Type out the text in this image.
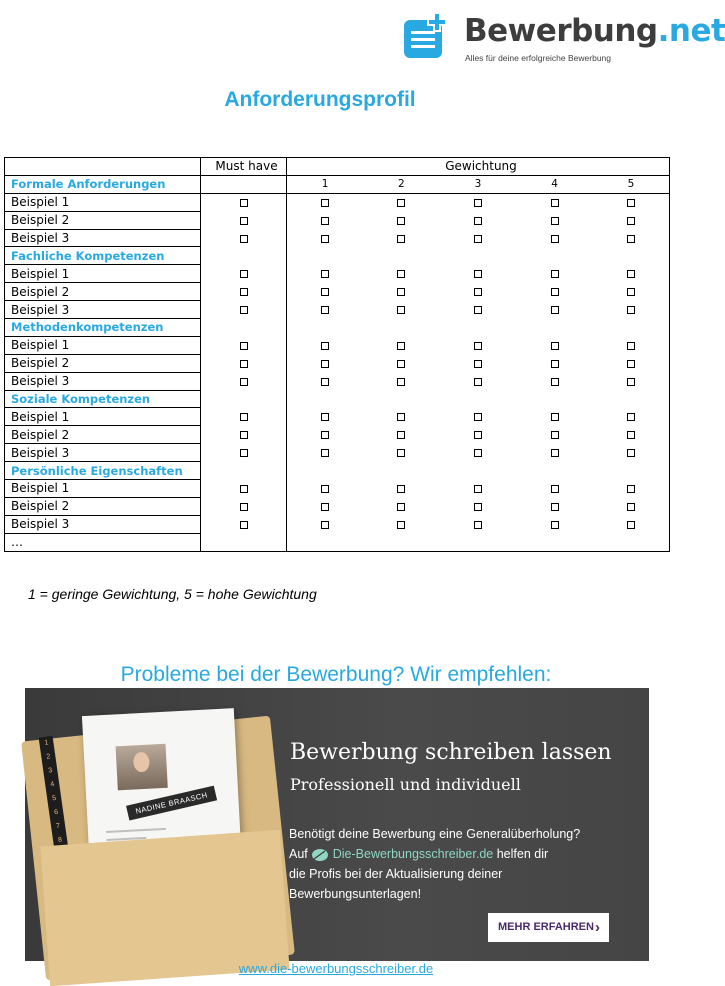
Bewerbung.net
Alles für deine erfolgreiche Bewerbung
Anforderungsprofil
	Must have	Gewichtung				
Formale Anforderungen		1	2	3	4	5
Beispiel 1						
Beispiel 2						
Beispiel 3						
Fachliche Kompetenzen						
Beispiel 1						
Beispiel 2						
Beispiel 3						
Methodenkompetenzen						
Beispiel 1						
Beispiel 2						
Beispiel 3						
Soziale Kompetenzen						
Beispiel 1						
Beispiel 2						
Beispiel 3						
Persönliche Eigenschaften						
Beispiel 1						
Beispiel 2						
Beispiel 3						
…						
1 = geringe Gewichtung, 5 = hohe Gewichtung
Probleme bei der Bewerbung? Wir empfehlen:
1
2
3
4
5
6
7
8
NADINE BRAASCH
Bewerbung schreiben lassen
Professionell und individuell
Benötigt deine Bewerbung eine Generalüberholung?
Auf Die-Bewerbungsschreiber.de helfen dir
die Profis bei der Aktualisierung deiner
Bewerbungsunterlagen!
MEHR ERFAHREN ›
www.die-bewerbungsschreiber.de
